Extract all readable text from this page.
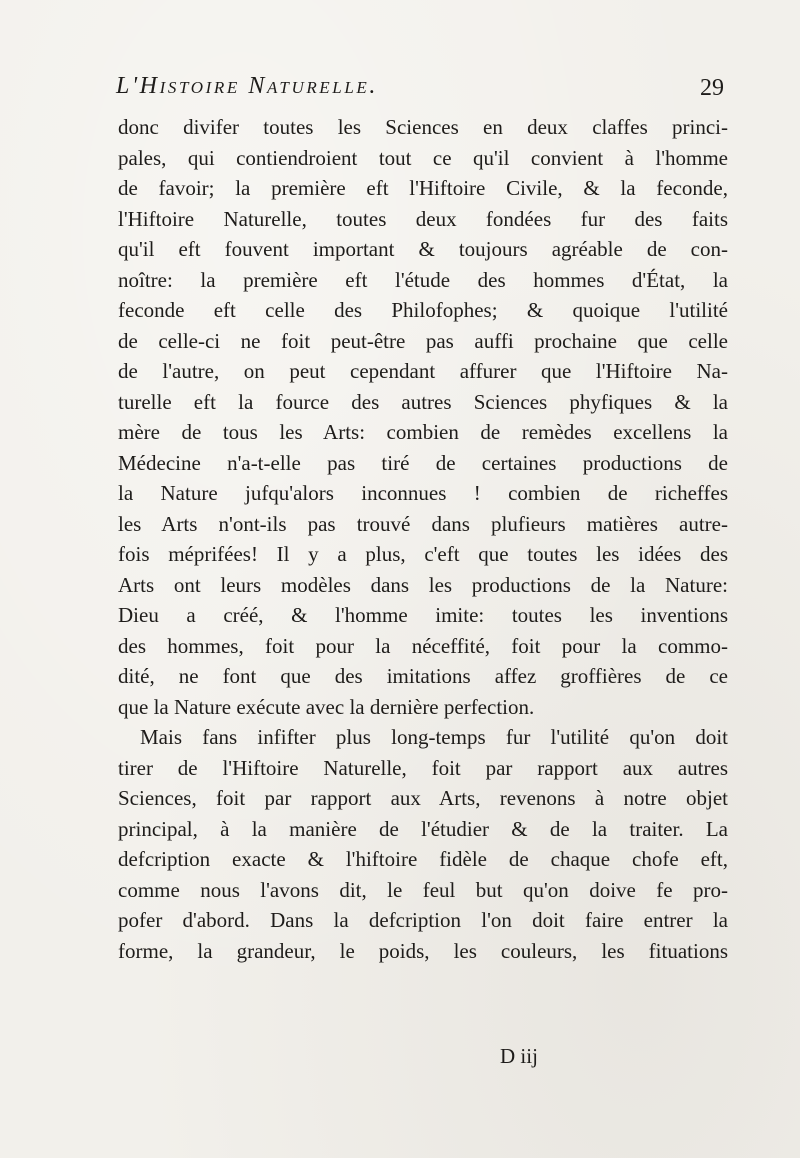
L'Histoire Naturelle.	29
donc divifer toutes les Sciences en deux claffes princi-
pales, qui contiendroient tout ce qu'il convient à l'homme
de favoir; la première eft l'Hiftoire Civile, & la feconde,
l'Hiftoire Naturelle, toutes deux fondées fur des faits
qu'il eft fouvent important & toujours agréable de con-
noître: la première eft l'étude des hommes d'État, la
feconde eft celle des Philofophes; & quoique l'utilité
de celle-ci ne foit peut-être pas auffi prochaine que celle
de l'autre, on peut cependant affurer que l'Hiftoire Na-
turelle eft la fource des autres Sciences phyfiques & la
mère de tous les Arts: combien de remèdes excellens la
Médecine n'a-t-elle pas tiré de certaines productions de
la Nature jufqu'alors inconnues ! combien de richeffes
les Arts n'ont-ils pas trouvé dans plufieurs matières autre-
fois méprifées! Il y a plus, c'eft que toutes les idées des
Arts ont leurs modèles dans les productions de la Nature:
Dieu a créé, & l'homme imite: toutes les inventions
des hommes, foit pour la néceffité, foit pour la commo-
dité, ne font que des imitations affez groffières de ce
que la Nature exécute avec la dernière perfection.
Mais fans infifter plus long-temps fur l'utilité qu'on doit
tirer de l'Hiftoire Naturelle, foit par rapport aux autres
Sciences, foit par rapport aux Arts, revenons à notre objet
principal, à la manière de l'étudier & de la traiter. La
defcription exacte & l'hiftoire fidèle de chaque chofe eft,
comme nous l'avons dit, le feul but qu'on doive fe pro-
pofer d'abord. Dans la defcription l'on doit faire entrer la
forme, la grandeur, le poids, les couleurs, les fituations
D iij
